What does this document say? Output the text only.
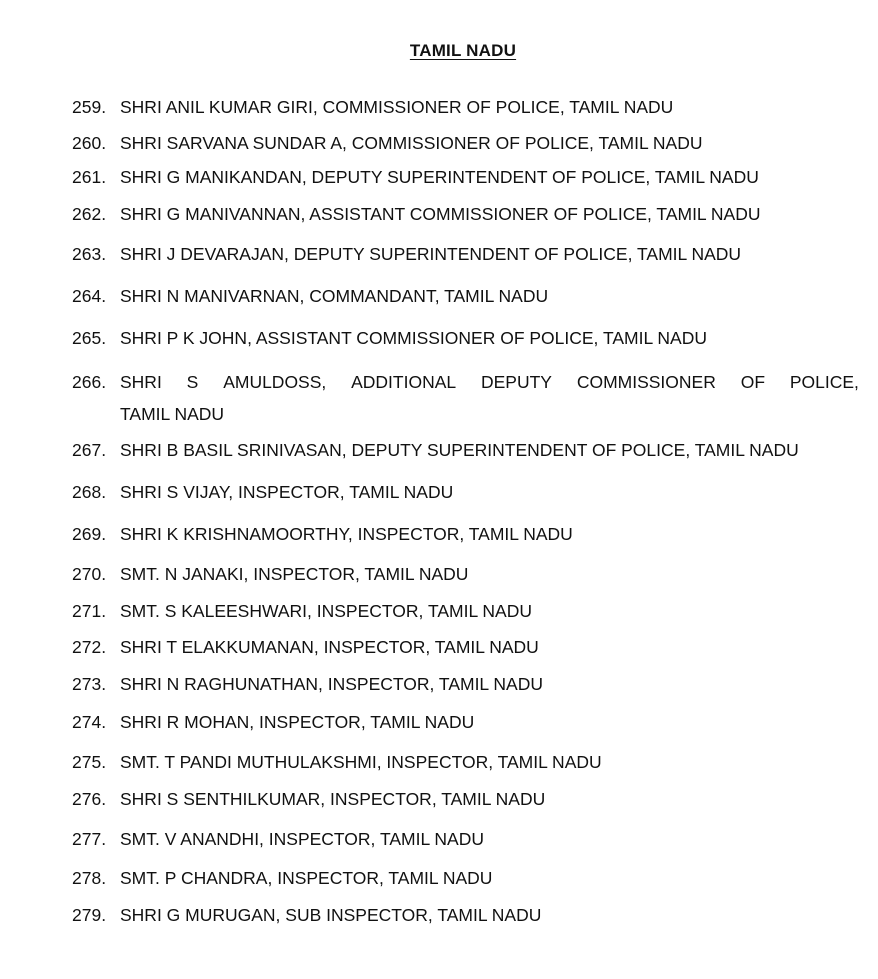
TAMIL NADU
259. SHRI ANIL KUMAR GIRI, COMMISSIONER OF POLICE, TAMIL NADU
260. SHRI SARVANA SUNDAR A, COMMISSIONER OF POLICE, TAMIL NADU
261. SHRI G MANIKANDAN, DEPUTY SUPERINTENDENT OF POLICE, TAMIL NADU
262. SHRI G MANIVANNAN, ASSISTANT COMMISSIONER OF POLICE, TAMIL NADU
263. SHRI J DEVARAJAN, DEPUTY SUPERINTENDENT OF POLICE, TAMIL NADU
264. SHRI N MANIVARNAN, COMMANDANT, TAMIL NADU
265. SHRI P K JOHN, ASSISTANT COMMISSIONER OF POLICE, TAMIL NADU
266. SHRI S AMULDOSS, ADDITIONAL DEPUTY COMMISSIONER OF POLICE,
TAMIL NADU
267. SHRI B BASIL SRINIVASAN, DEPUTY SUPERINTENDENT OF POLICE, TAMIL NADU
268. SHRI S VIJAY, INSPECTOR, TAMIL NADU
269. SHRI K KRISHNAMOORTHY, INSPECTOR, TAMIL NADU
270. SMT. N JANAKI, INSPECTOR, TAMIL NADU
271. SMT. S KALEESHWARI, INSPECTOR, TAMIL NADU
272. SHRI T ELAKKUMANAN, INSPECTOR, TAMIL NADU
273. SHRI N RAGHUNATHAN, INSPECTOR, TAMIL NADU
274. SHRI R MOHAN, INSPECTOR, TAMIL NADU
275. SMT. T PANDI MUTHULAKSHMI, INSPECTOR, TAMIL NADU
276. SHRI S SENTHILKUMAR, INSPECTOR, TAMIL NADU
277. SMT. V ANANDHI, INSPECTOR, TAMIL NADU
278. SMT. P CHANDRA, INSPECTOR, TAMIL NADU
279. SHRI G MURUGAN, SUB INSPECTOR, TAMIL NADU
